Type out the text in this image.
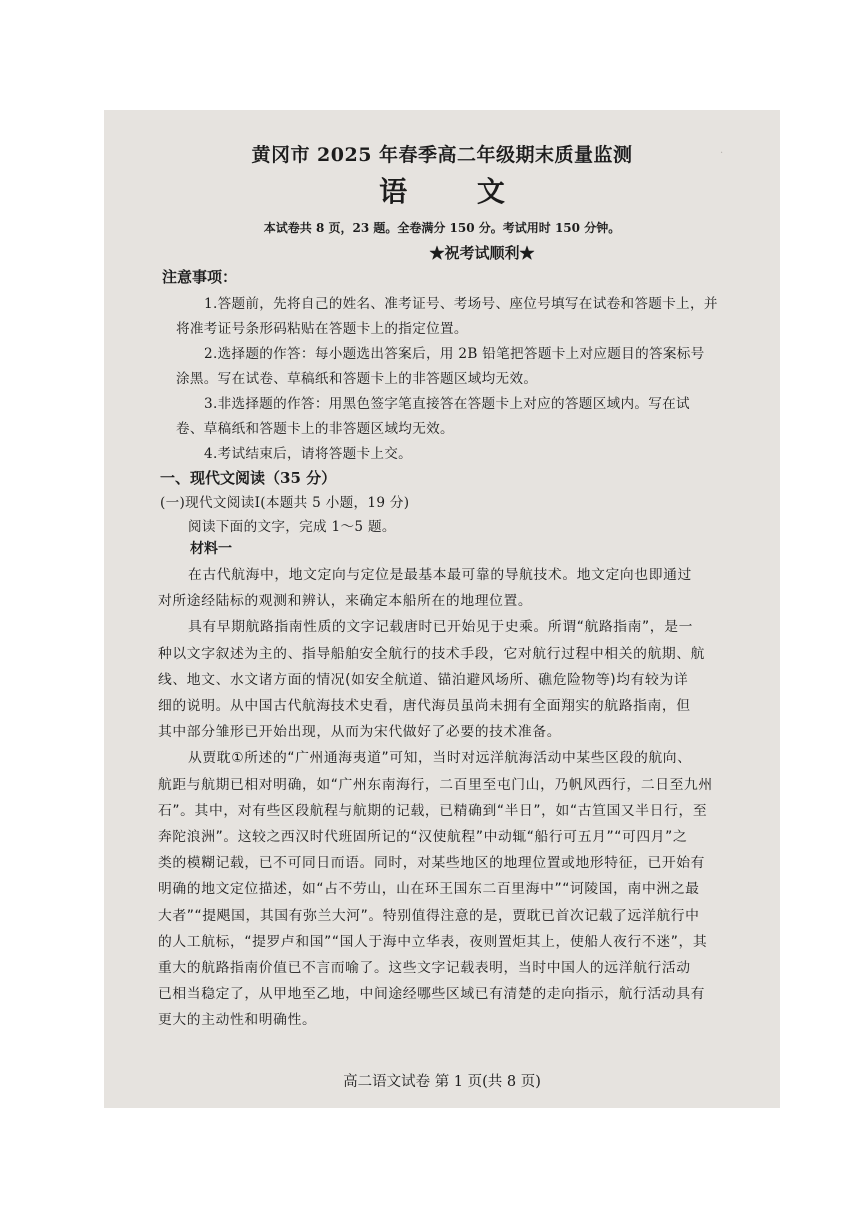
·
黄冈市 2025 年春季高二年级期末质量监测
语 文
本试卷共 8 页，23 题。全卷满分 150 分。考试用时 150 分钟。
★祝考试顺利★
注意事项：
1.答题前，先将自己的姓名、准考证号、考场号、座位号填写在试卷和答题卡上，并
将准考证号条形码粘贴在答题卡上的指定位置。
2.选择题的作答：每小题选出答案后，用 2B 铅笔把答题卡上对应题目的答案标号
涂黑。写在试卷、草稿纸和答题卡上的非答题区域均无效。
3.非选择题的作答：用黑色签字笔直接答在答题卡上对应的答题区域内。写在试
卷、草稿纸和答题卡上的非答题区域均无效。
4.考试结束后，请将答题卡上交。
一、现代文阅读（35 分）
(一)现代文阅读Ⅰ(本题共 5 小题，19 分)
阅读下面的文字，完成 1～5 题。
材料一
在古代航海中，地文定向与定位是最基本最可靠的导航技术。地文定向也即通过
对所途经陆标的观测和辨认，来确定本船所在的地理位置。
具有早期航路指南性质的文字记载唐时已开始见于史乘。所谓“航路指南”，是一
种以文字叙述为主的、指导船舶安全航行的技术手段，它对航行过程中相关的航期、航
线、地文、水文诸方面的情况(如安全航道、锚泊避风场所、礁危险物等)均有较为详
细的说明。从中国古代航海技术史看，唐代海员虽尚未拥有全面翔实的航路指南，但
其中部分雏形已开始出现，从而为宋代做好了必要的技术准备。
从贾耽①所述的“广州通海夷道”可知，当时对远洋航海活动中某些区段的航向、
航距与航期已相对明确，如“广州东南海行，二百里至屯门山，乃帆风西行，二日至九州
石”。其中，对有些区段航程与航期的记载，已精确到“半日”，如“古笪国又半日行，至
奔陀浪洲”。这较之西汉时代班固所记的“汉使航程”中动辄“船行可五月”“可四月”之
类的模糊记载，已不可同日而语。同时，对某些地区的地理位置或地形特征，已开始有
明确的地文定位描述，如“占不劳山，山在环王国东二百里海中”“诃陵国，南中洲之最
大者”“提飓国，其国有弥兰大河”。特别值得注意的是，贾耽已首次记载了远洋航行中
的人工航标，“提罗卢和国”“国人于海中立华表，夜则置炬其上，使船人夜行不迷”，其
重大的航路指南价值已不言而喻了。这些文字记载表明，当时中国人的远洋航行活动
已相当稳定了，从甲地至乙地，中间途经哪些区域已有清楚的走向指示，航行活动具有
更大的主动性和明确性。
高二语文试卷 第 1 页(共 8 页)
